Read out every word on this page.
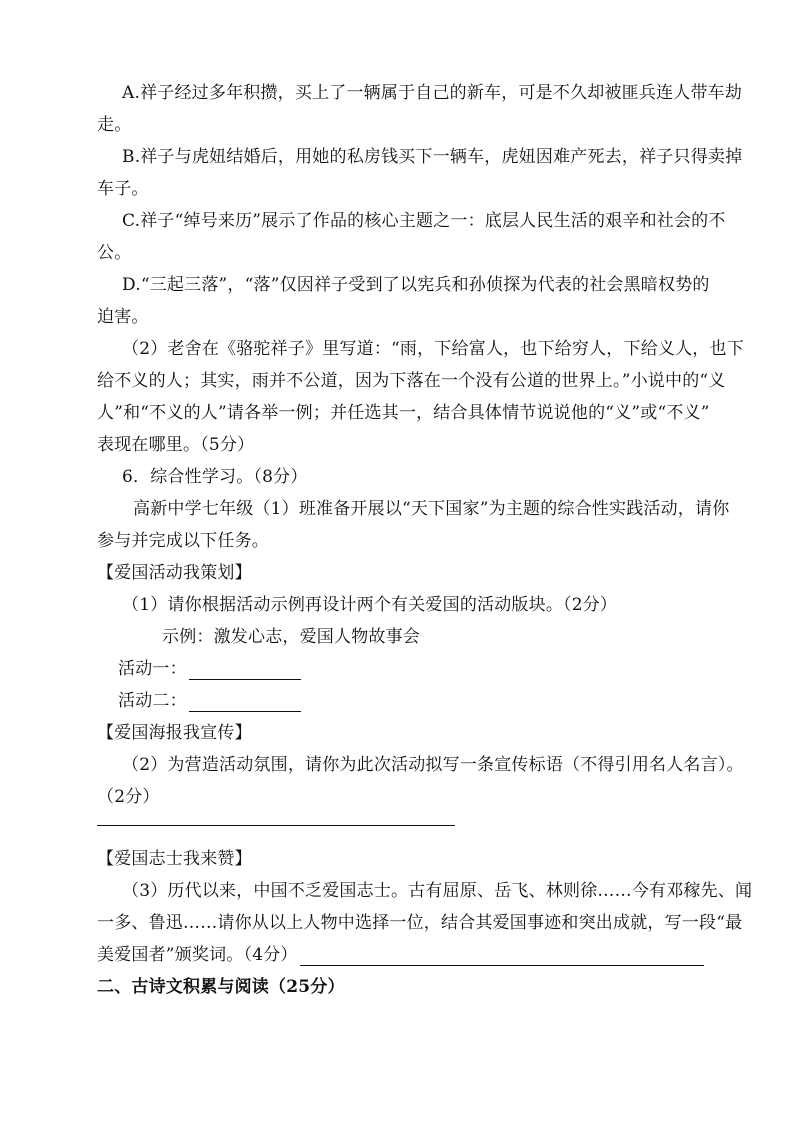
A.祥子经过多年积攒，买上了一辆属于自己的新车，可是不久却被匪兵连人带车劫
走。
B.祥子与虎妞结婚后，用她的私房钱买下一辆车，虎妞因难产死去，祥子只得卖掉
车子。
C.祥子“绰号来历”展示了作品的核心主题之一：底层人民生活的艰辛和社会的不
公。
D.“三起三落”，“落”仅因祥子受到了以宪兵和孙侦探为代表的社会黑暗权势的
迫害。
（2）老舍在《骆驼祥子》里写道：“雨，下给富人，也下给穷人，下给义人，也下
给不义的人；其实，雨并不公道，因为下落在一个没有公道的世界上。”小说中的“义
人”和“不义的人”请各举一例；并任选其一，结合具体情节说说他的“义”或“不义”
表现在哪里。（5分）
6．综合性学习。（8分）
高新中学七年级（1）班准备开展以“天下国家”为主题的综合性实践活动，请你
参与并完成以下任务。
【爱国活动我策划】
（1）请你根据活动示例再设计两个有关爱国的活动版块。（2分）
示例：激发心志，爱国人物故事会
活动一：
活动二：
【爱国海报我宣传】
（2）为营造活动氛围，请你为此次活动拟写一条宣传标语（不得引用名人名言）。
（2分）
【爱国志士我来赞】
（3）历代以来，中国不乏爱国志士。古有屈原、岳飞、林则徐……今有邓稼先、闻
一多、鲁迅……请你从以上人物中选择一位，结合其爱国事迹和突出成就，写一段“最
美爱国者”颁奖词。（4分）
二、古诗文积累与阅读（25分）
